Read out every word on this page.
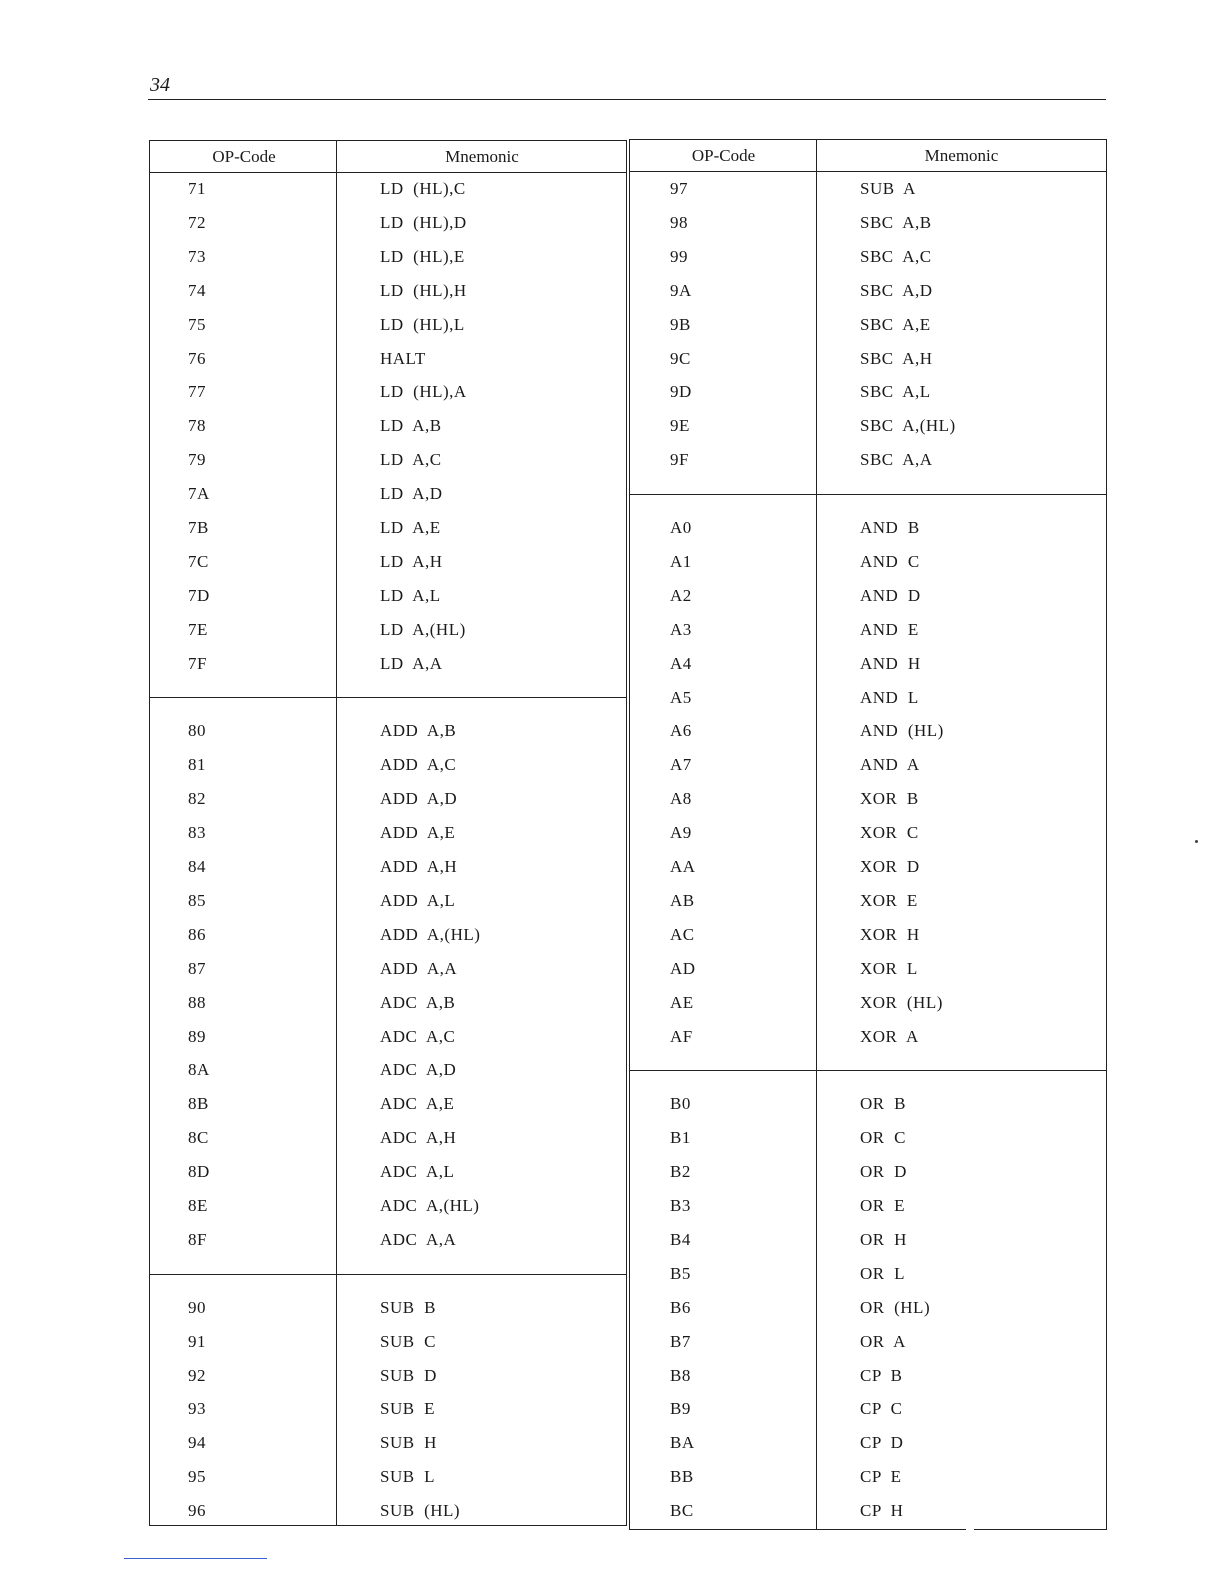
34
OP-Code	Mnemonic
71	LD  (HL),C
72	LD  (HL),D
73	LD  (HL),E
74	LD  (HL),H
75	LD  (HL),L
76	HALT
77	LD  (HL),A
78	LD  A,B
79	LD  A,C
7A	LD  A,D
7B	LD  A,E
7C	LD  A,H
7D	LD  A,L
7E	LD  A,(HL)
7F	LD  A,A
80	ADD  A,B
81	ADD  A,C
82	ADD  A,D
83	ADD  A,E
84	ADD  A,H
85	ADD  A,L
86	ADD  A,(HL)
87	ADD  A,A
88	ADC  A,B
89	ADC  A,C
8A	ADC  A,D
8B	ADC  A,E
8C	ADC  A,H
8D	ADC  A,L
8E	ADC  A,(HL)
8F	ADC  A,A
90	SUB  B
91	SUB  C
92	SUB  D
93	SUB  E
94	SUB  H
95	SUB  L
96	SUB  (HL)
OP-Code	Mnemonic
97	SUB  A
98	SBC  A,B
99	SBC  A,C
9A	SBC  A,D
9B	SBC  A,E
9C	SBC  A,H
9D	SBC  A,L
9E	SBC  A,(HL)
9F	SBC  A,A
A0	AND  B
A1	AND  C
A2	AND  D
A3	AND  E
A4	AND  H
A5	AND  L
A6	AND  (HL)
A7	AND  A
A8	XOR  B
A9	XOR  C
AA	XOR  D
AB	XOR  E
AC	XOR  H
AD	XOR  L
AE	XOR  (HL)
AF	XOR  A
B0	OR  B
B1	OR  C
B2	OR  D
B3	OR  E
B4	OR  H
B5	OR  L
B6	OR  (HL)
B7	OR  A
B8	CP  B
B9	CP  C
BA	CP  D
BB	CP  E
BC	CP  H
